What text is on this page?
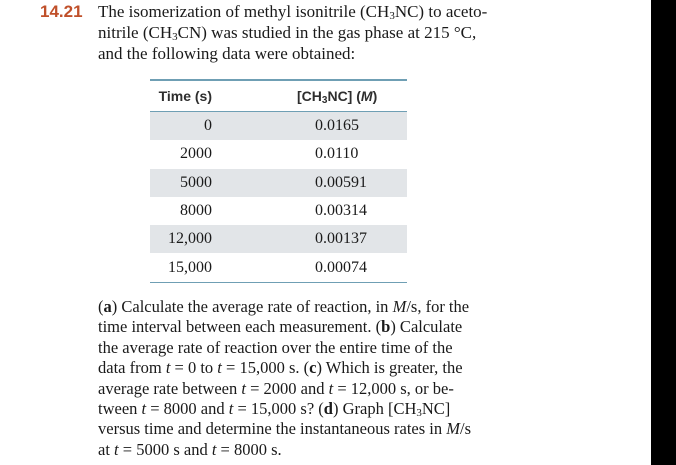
14.21 The isomerization of methyl isonitrile $(CH_3NC)$ to aceto-
nitrile $(CH_3CN)$ was studied in the gas phase at 215 °C,
and the following data were obtained:
Time (s)	$[CH_3NC]$ (M)
0	0.0165
2000	0.0110
5000	0.00591
8000	0.00314
12,000	0.00137
15,000	0.00074
(a) Calculate the average rate of reaction, in M/s, for the
time interval between each measurement. (b) Calculate
the average rate of reaction over the entire time of the
data from t = 0 to t = 15,000 s. (c) Which is greater, the
average rate between t = 2000 and t = 12,000 s, or be-
tween t = 8000 and t = 15,000 s? (d) Graph $[CH_3NC]$
versus time and determine the instantaneous rates in M/s
at t = 5000 s and t = 8000 s.
